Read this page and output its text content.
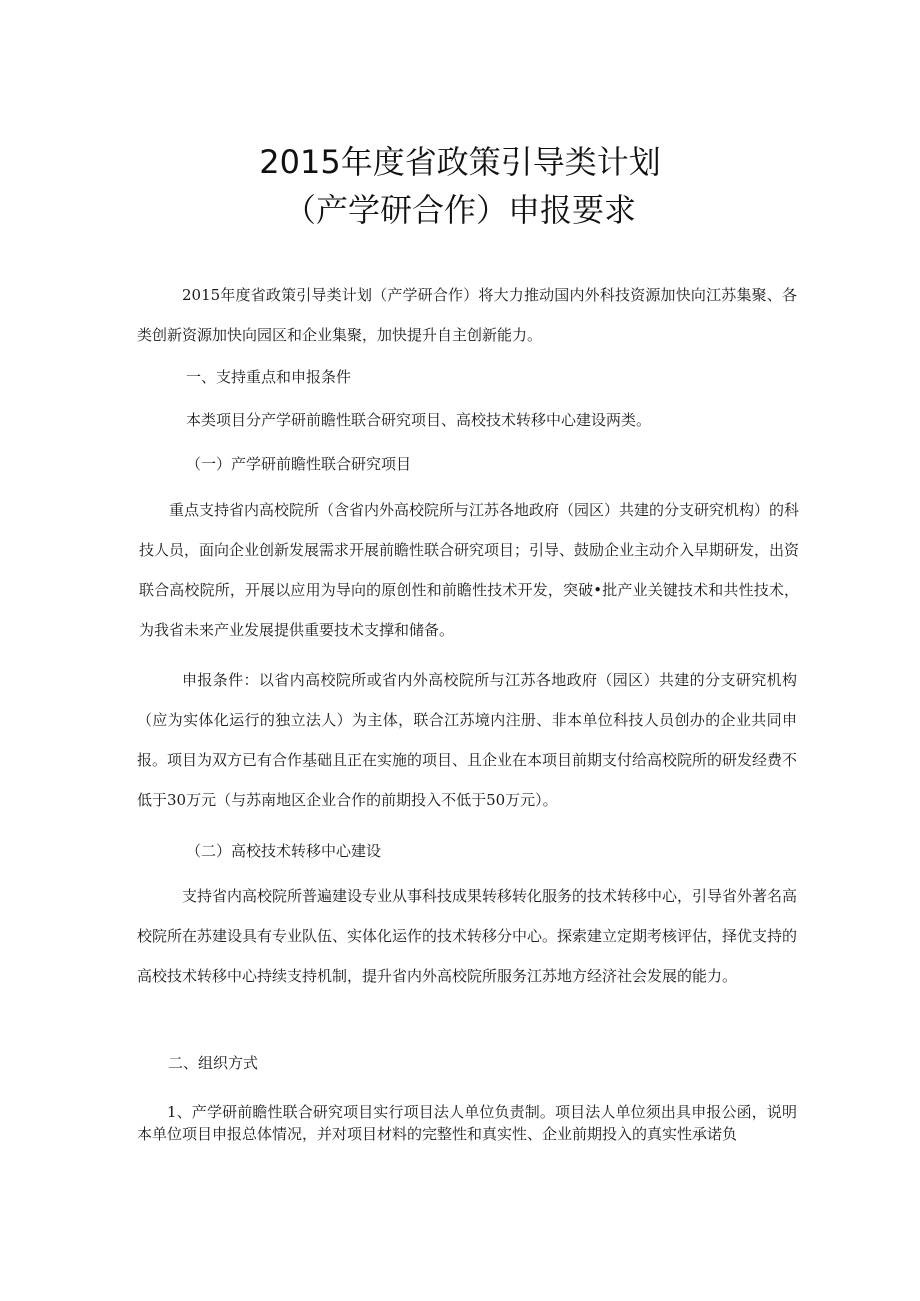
2015年度省政策引导类计划
（产学研合作）申报要求

2015年度省政策引导类计划（产学研合作）将大力推动国内外科技资源加快向江苏集聚、各类创新资源加快向园区和企业集聚，加快提升自主创新能力。

一、支持重点和申报条件
本类项目分产学研前瞻性联合研究项目、高校技术转移中心建设两类。
（一）产学研前瞻性联合研究项目

重点支持省内高校院所（含省内外高校院所与江苏各地政府（园区）共建的分支研究机构）的科技人员，面向企业创新发展需求开展前瞻性联合研究项目；引导、鼓励企业主动介入早期研发，出资联合高校院所，开展以应用为导向的原创性和前瞻性技术开发，突破•批产业关键技术和共性技术，为我省未来产业发展提供重要技术支撑和储备。

申报条件：以省内高校院所或省内外高校院所与江苏各地政府（园区）共建的分支研究机构（应为实体化运行的独立法人）为主体，联合江苏境内注册、非本单位科技人员创办的企业共同申报。项目为双方已有合作基础且正在实施的项目、且企业在本项目前期支付给高校院所的研发经费不低于30万元（与苏南地区企业合作的前期投入不低于50万元）。

（二）高校技术转移中心建设

支持省内高校院所普遍建设专业从事科技成果转移转化服务的技术转移中心，引导省外著名高校院所在苏建设具有专业队伍、实体化运作的技术转移分中心。探索建立定期考核评估，择优支持的高校技术转移中心持续支持机制，提升省内外高校院所服务江苏地方经济社会发展的能力。

二、组织方式

1、产学研前瞻性联合研究项目实行项目法人单位负责制。项目法人单位须出具申报公函，说明本单位项目申报总体情况，并对项目材料的完整性和真实性、企业前期投入的真实性承诺负
